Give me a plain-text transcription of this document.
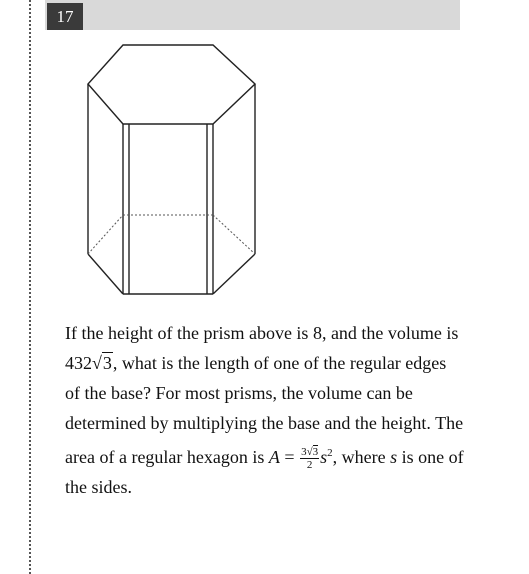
17

If the height of the prism above is 8, and the volume is 432√3, what is the length of one of the regular edges of the base? For most prisms, the volume can be determined by multiplying the base and the height. The area of a regular hexagon is $A = \frac{3√3}{2} s^2$, where s is one of the sides.
